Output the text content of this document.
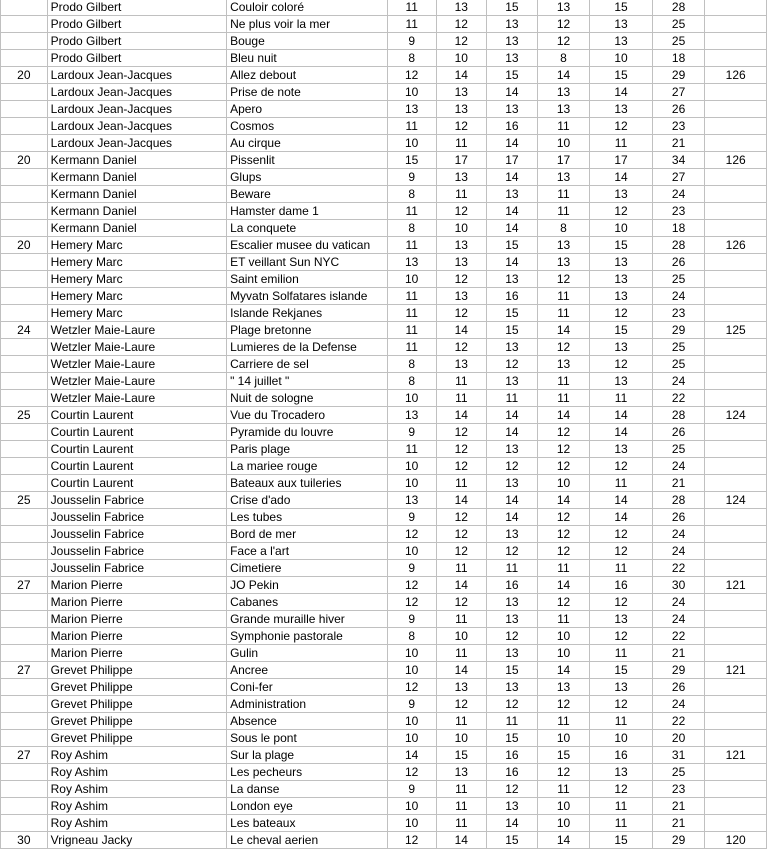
	Prodo Gilbert	Couloir coloré	11	13	15	13	15	28	
	Prodo Gilbert	Ne plus voir la mer	11	12	13	12	13	25	
	Prodo Gilbert	Bouge	9	12	13	12	13	25	
	Prodo Gilbert	Bleu nuit	8	10	13	8	10	18	
20	Lardoux Jean-Jacques	Allez debout	12	14	15	14	15	29	126
	Lardoux Jean-Jacques	Prise de note	10	13	14	13	14	27	
	Lardoux Jean-Jacques	Apero	13	13	13	13	13	26	
	Lardoux Jean-Jacques	Cosmos	11	12	16	11	12	23	
	Lardoux Jean-Jacques	Au cirque	10	11	14	10	11	21	
20	Kermann Daniel	Pissenlit	15	17	17	17	17	34	126
	Kermann Daniel	Glups	9	13	14	13	14	27	
	Kermann Daniel	Beware	8	11	13	11	13	24	
	Kermann Daniel	Hamster dame 1	11	12	14	11	12	23	
	Kermann Daniel	La conquete	8	10	14	8	10	18	
20	Hemery Marc	Escalier musee du vatican	11	13	15	13	15	28	126
	Hemery Marc	ET veillant Sun NYC	13	13	14	13	13	26	
	Hemery Marc	Saint emilion	10	12	13	12	13	25	
	Hemery Marc	Myvatn Solfatares islande	11	13	16	11	13	24	
	Hemery Marc	Islande Rekjanes	11	12	15	11	12	23	
24	Wetzler Maie-Laure	Plage bretonne	11	14	15	14	15	29	125
	Wetzler Maie-Laure	Lumieres de la Defense	11	12	13	12	13	25	
	Wetzler Maie-Laure	Carriere de sel	8	13	12	13	12	25	
	Wetzler Maie-Laure	" 14 juillet "	8	11	13	11	13	24	
	Wetzler Maie-Laure	Nuit de sologne	10	11	11	11	11	22	
25	Courtin Laurent	Vue du Trocadero	13	14	14	14	14	28	124
	Courtin Laurent	Pyramide du louvre	9	12	14	12	14	26	
	Courtin Laurent	Paris plage	11	12	13	12	13	25	
	Courtin Laurent	La mariee rouge	10	12	12	12	12	24	
	Courtin Laurent	Bateaux aux tuileries	10	11	13	10	11	21	
25	Jousselin Fabrice	Crise d'ado	13	14	14	14	14	28	124
	Jousselin Fabrice	Les tubes	9	12	14	12	14	26	
	Jousselin Fabrice	Bord de mer	12	12	13	12	12	24	
	Jousselin Fabrice	Face a l'art	10	12	12	12	12	24	
	Jousselin Fabrice	Cimetiere	9	11	11	11	11	22	
27	Marion Pierre	JO Pekin	12	14	16	14	16	30	121
	Marion Pierre	Cabanes	12	12	13	12	12	24	
	Marion Pierre	Grande muraille hiver	9	11	13	11	13	24	
	Marion Pierre	Symphonie pastorale	8	10	12	10	12	22	
	Marion Pierre	Gulin	10	11	13	10	11	21	
27	Grevet Philippe	Ancree	10	14	15	14	15	29	121
	Grevet Philippe	Coni-fer	12	13	13	13	13	26	
	Grevet Philippe	Administration	9	12	12	12	12	24	
	Grevet Philippe	Absence	10	11	11	11	11	22	
	Grevet Philippe	Sous le pont	10	10	15	10	10	20	
27	Roy Ashim	Sur la plage	14	15	16	15	16	31	121
	Roy Ashim	Les pecheurs	12	13	16	12	13	25	
	Roy Ashim	La danse	9	11	12	11	12	23	
	Roy Ashim	London eye	10	11	13	10	11	21	
	Roy Ashim	Les bateaux	10	11	14	10	11	21	
30	Vrigneau Jacky	Le cheval aerien	12	14	15	14	15	29	120
